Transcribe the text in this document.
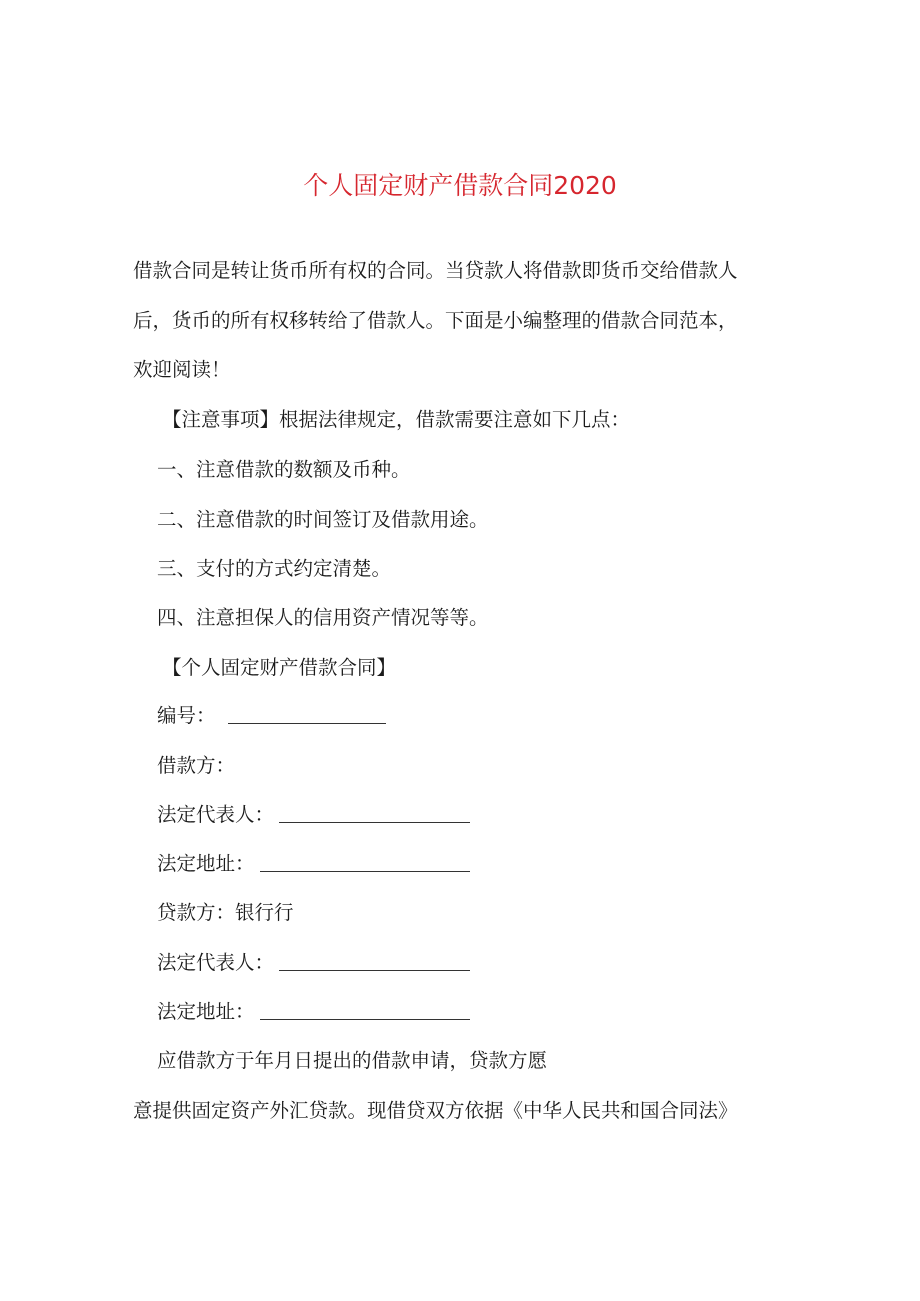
个人固定财产借款合同2020
借款合同是转让货币所有权的合同。当贷款人将借款即货币交给借款人
后，货币的所有权移转给了借款人。下面是小编整理的借款合同范本，
欢迎阅读！
【注意事项】根据法律规定，借款需要注意如下几点：
一、注意借款的数额及币种。
二、注意借款的时间签订及借款用途。
三、支付的方式约定清楚。
四、注意担保人的信用资产情况等等。
【个人固定财产借款合同】
编号：
借款方：
法定代表人：
法定地址：
贷款方：银行行
法定代表人：
法定地址：
应借款方于年月日提出的借款申请，贷款方愿
意提供固定资产外汇贷款。现借贷双方依据《中华人民共和国合同法》
